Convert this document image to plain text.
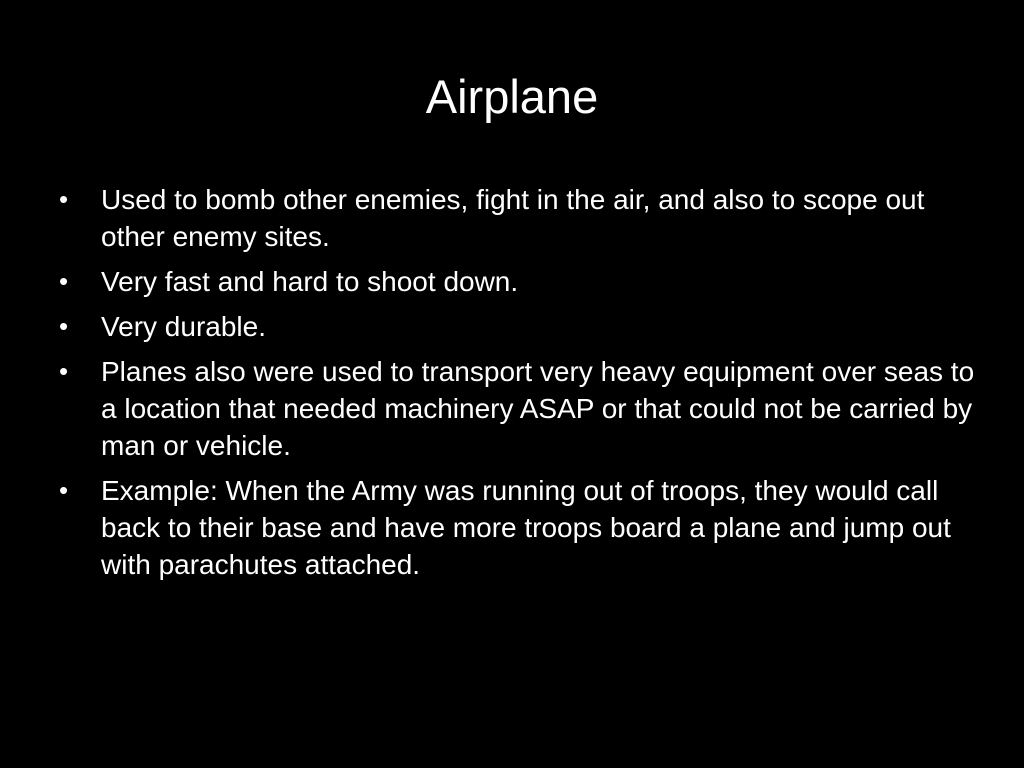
Airplane
• Used to bomb other enemies, fight in the air, and also to scope out other enemy sites.
• Very fast and hard to shoot down.
• Very durable.
• Planes also were used to transport very heavy equipment over seas to a location that needed machinery ASAP or that could not be carried by man or vehicle.
• Example: When the Army was running out of troops, they would call back to their base and have more troops board a plane and jump out with parachutes attached.
